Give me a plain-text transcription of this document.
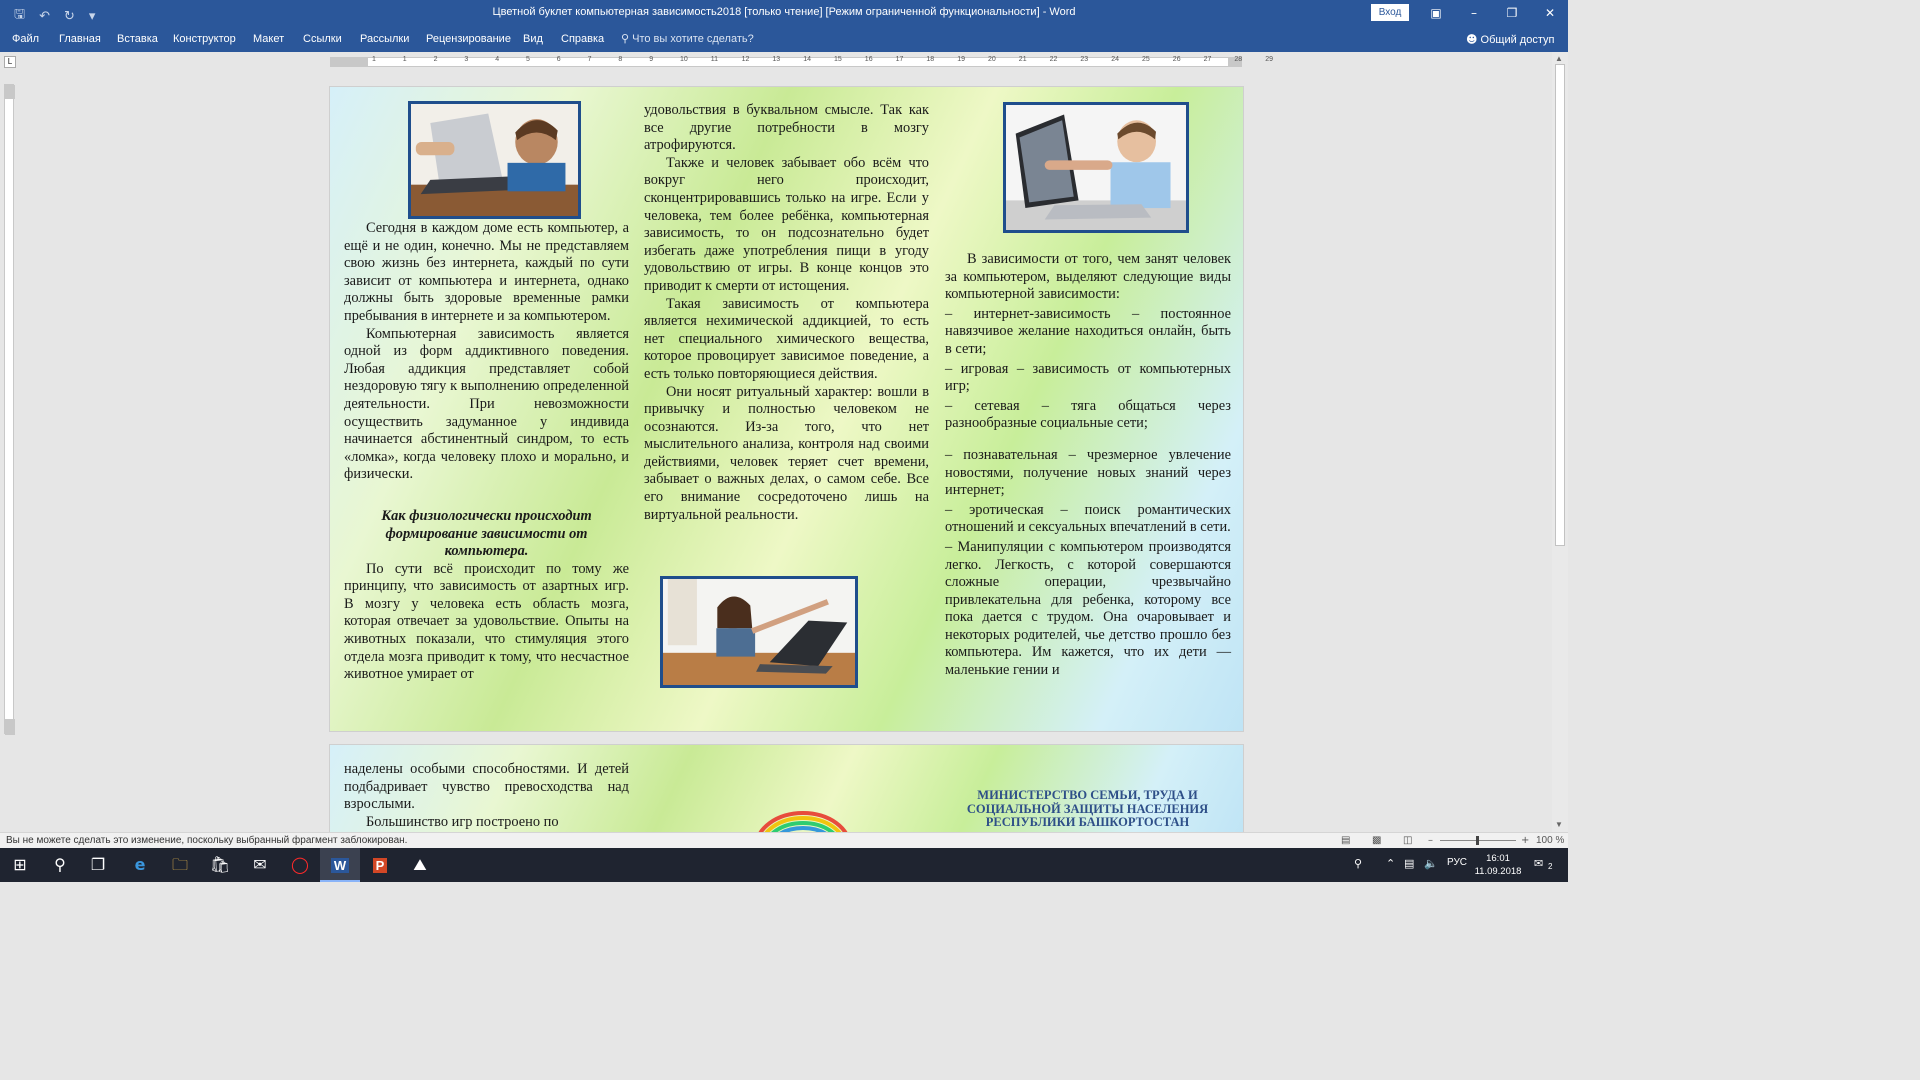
🖫 ↶ ↻ ▾	Цветной буклет компьютерная зависимость2018 [только чтение] [Режим ограниченной функциональности] - Word	Вход	▣	–	❐	✕
Файл Главная Вставка Конструктор Макет Ссылки Рассылки Рецензирование Вид Справка ⚲ Что вы хотите сделать?	☻ Общий доступ
L	1	1	2	3	4	5	6	7	8	9	10	11	12	13	14	15	16	17	18	19	20	21	22	23	24	25	26	27	28	29

Сегодня в каждом доме есть компьютер, а ещё и не один, конечно. Мы не представляем свою жизнь без интернета, каждый по сути зависит от компьютера и интернета, однако должны быть здоровые временные рамки пребывания в интернете и за компьютером.

Компьютерная зависимость является одной из форм аддиктивного поведения. Любая аддикция представляет собой нездоровую тягу к выполнению определенной деятельности. При невозможности осуществить задуманное у индивида начинается абстинентный синдром, то есть «ломка», когда человеку плохо и морально, и физически.

Как физиологически происходит формирование зависимости от компьютера.

По сути всё происходит по тому же принципу, что зависимость от азартных игр. В мозгу у человека есть область мозга, которая отвечает за удовольствие. Опыты на животных показали, что стимуляция этого отдела мозга приводит к тому, что несчастное животное умирает от

удовольствия в буквальном смысле. Так как все другие потребности в мозгу атрофируются.

Также и человек забывает обо всём что вокруг него происходит, сконцентрировавшись только на игре. Если у человека, тем более ребёнка, компьютерная зависимость, то он подсознательно будет избегать даже употребления пищи в угоду удовольствию от игры. В конце концов это приводит к смерти от истощения.

Такая зависимость от компьютера является нехимической аддикцией, то есть нет специального химического вещества, которое провоцирует зависимое поведение, а есть только повторяющиеся действия.

Они носят ритуальный характер: вошли в привычку и полностью человеком не осознаются. Из-за того, что нет мыслительного анализа, контроля над своими действиями, человек теряет счет времени, забывает о важных делах, о самом себе. Все его внимание сосредоточено лишь на виртуальной реальности.

В зависимости от того, чем занят человек за компьютером, выделяют следующие виды компьютерной зависимости:

– интернет-зависимость – постоянное навязчивое желание находиться онлайн, быть в сети;

– игровая – зависимость от компьютерных игр;

– сетевая – тяга общаться через разнообразные социальные сети;

– познавательная – чрезмерное увлечение новостями, получение новых знаний через интернет;

– эротическая – поиск романтических отношений и сексуальных впечатлений в сети.

– Манипуляции с компьютером производятся легко. Легкость, с которой совершаются сложные операции, чрезвычайно привлекательна для ребенка, которому все пока дается с трудом. Она очаровывает и некоторых родителей, чье детство прошло без компьютера. Им кажется, что их дети — маленькие гении и

наделены особыми способностями. И детей подбадривает чувство превосходства над взрослыми.

Большинство игр построено по

МИНИСТЕРСТВО СЕМЬИ, ТРУДА И СОЦИАЛЬНОЙ ЗАЩИТЫ НАСЕЛЕНИЯ РЕСПУБЛИКИ БАШКОРТОСТАН
▲
▼
Вы не можете сделать это изменение, поскольку выбранный фрагмент заблокирован.	▤ ▩ ◫ –	+ 100 %
⊞	⚲	❐	e	🗀	🛍	✉	◯	W	P	⛰	⚲ ⌃ ▤ 🔈 РУС	16:01
11.09.2018
✉ 2
